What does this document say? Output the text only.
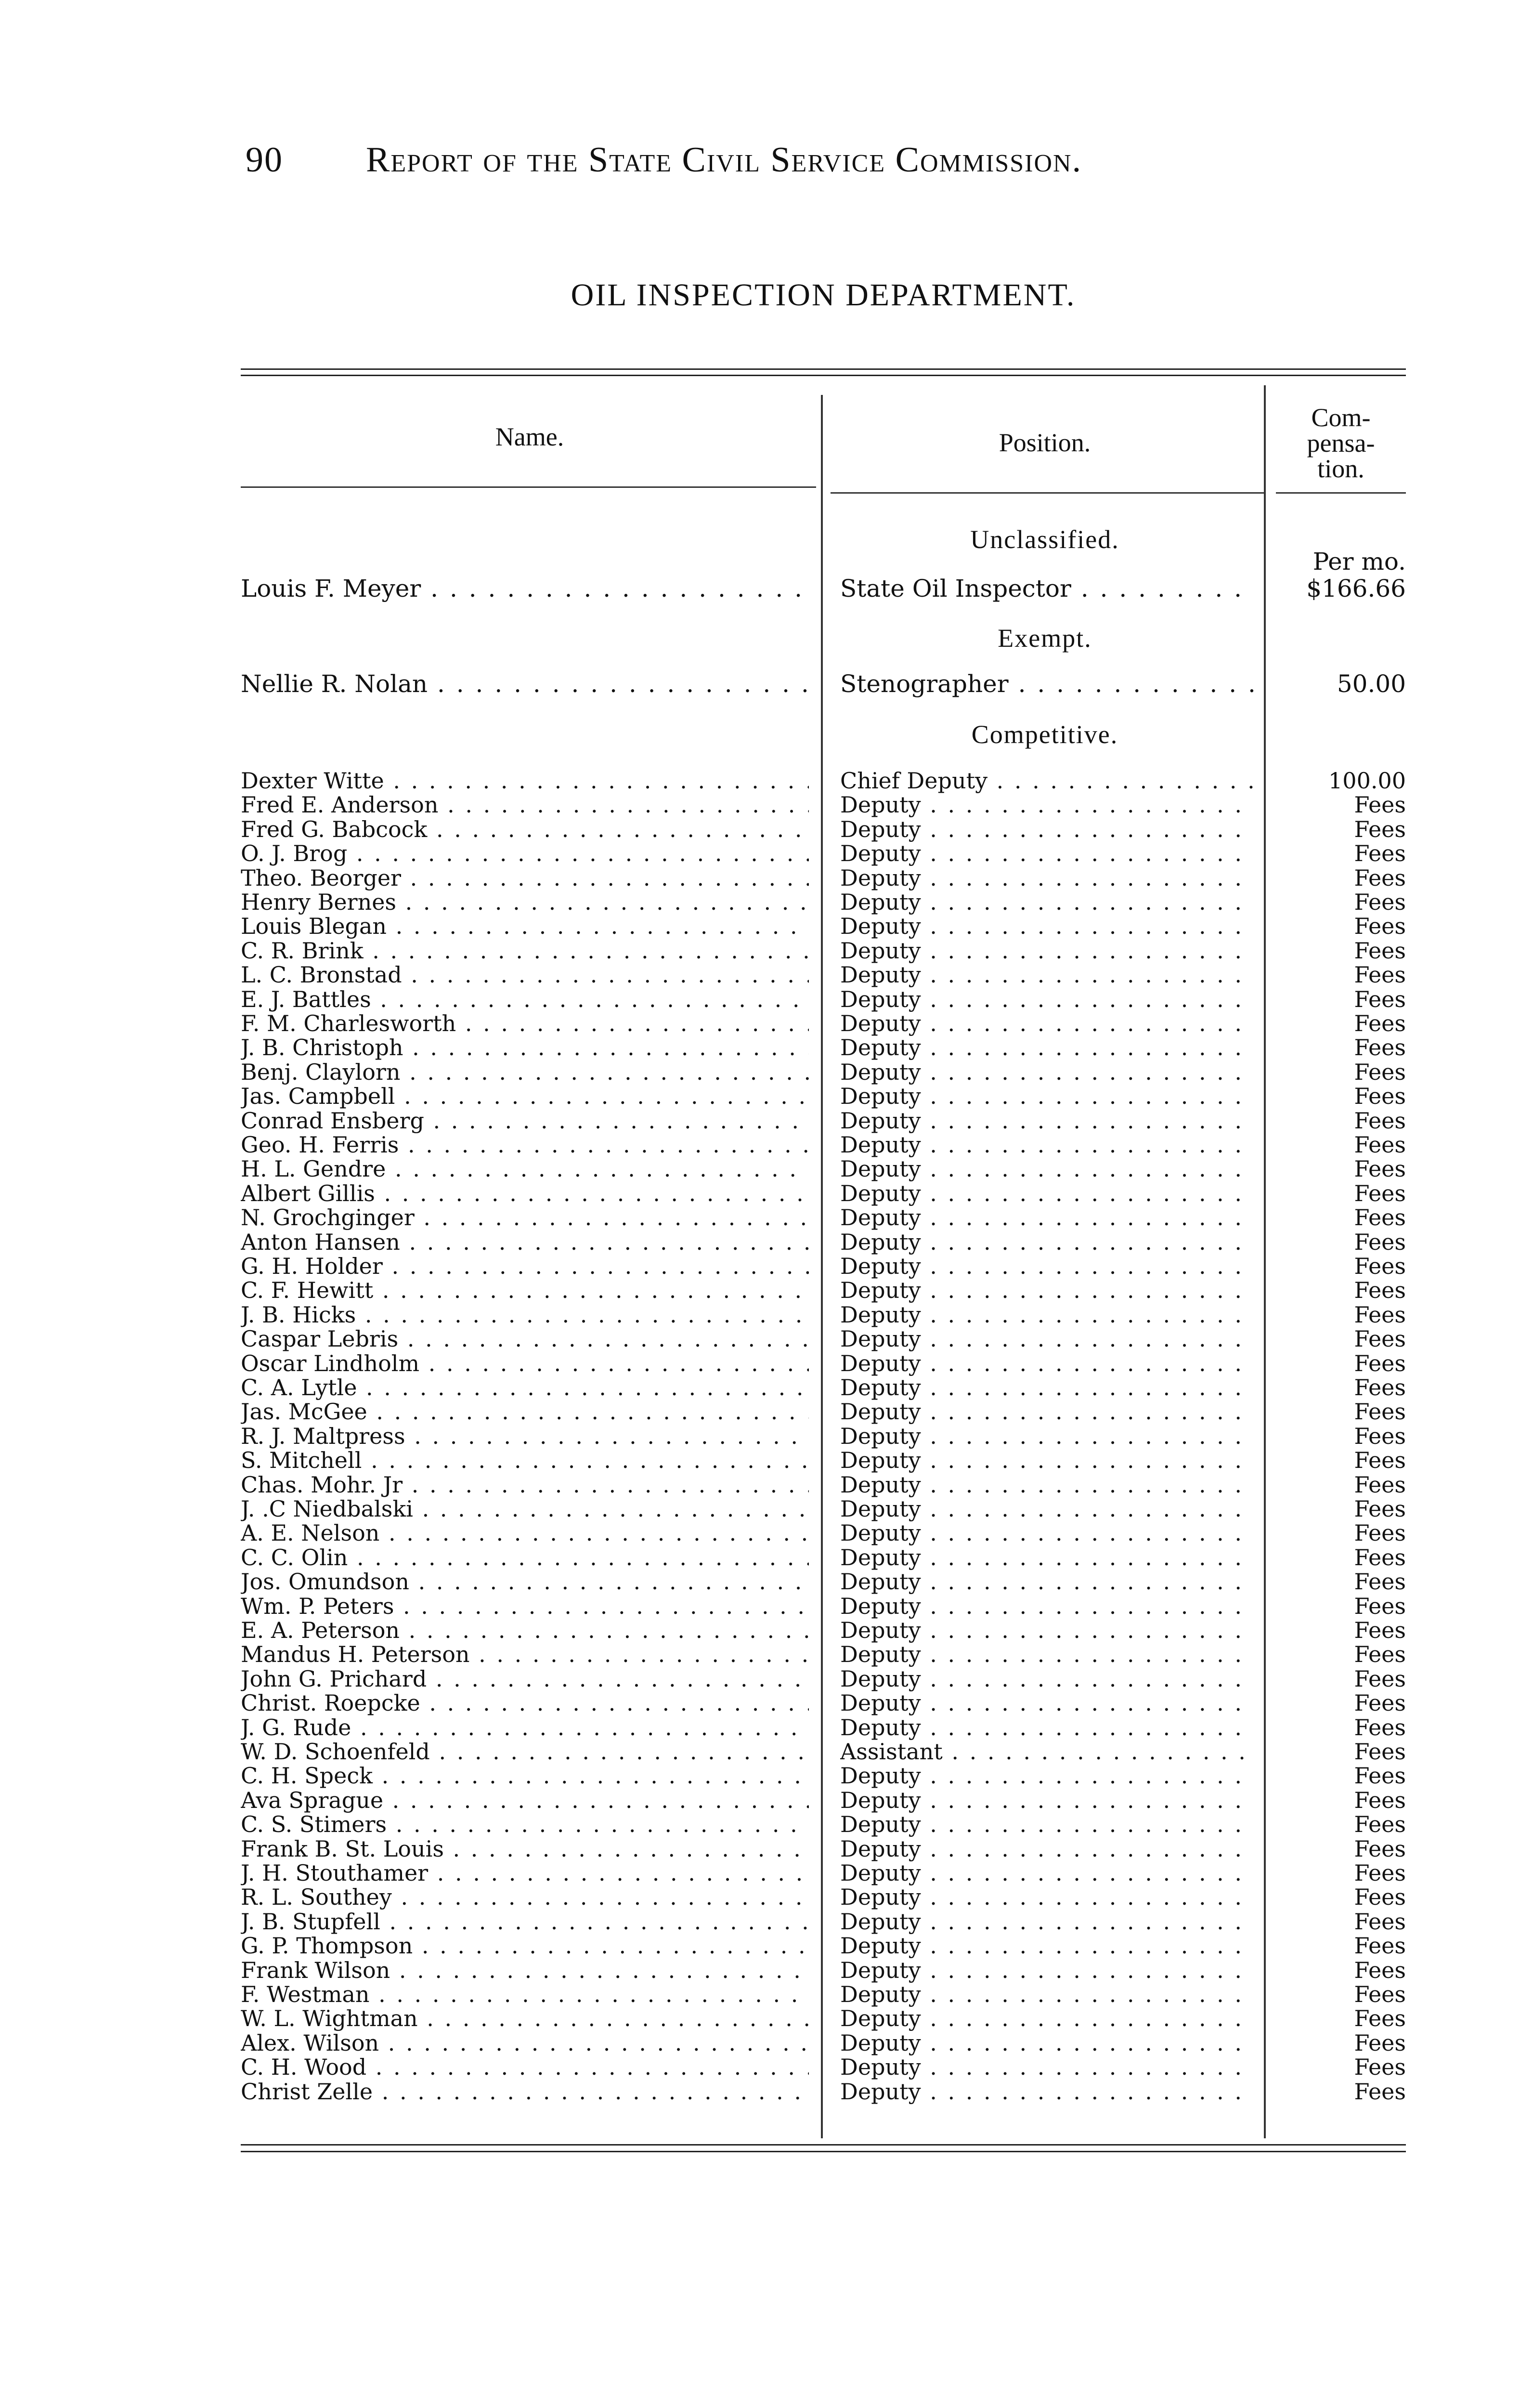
90 Report of the State Civil Service Commission.
OIL INSPECTION DEPARTMENT.
Name.	Position.
Com-
pensa-
tion.
Unclassified.
Per mo.
Louis F. Meyer . . .	State Oil Inspector . . .	$166.66
Exempt.
Nellie R. Nolan . . .	Stenographer . . .	50.00
Competitive.
Dexter Witte . . .	Chief Deputy . . .	100.00
Fred E. Anderson . . .	Deputy . . .	Fees
Fred G. Babcock . . .	Deputy . . .	Fees
O. J. Brog . . .	Deputy . . .	Fees
Theo. Beorger . . .	Deputy . . .	Fees
Henry Bernes . . .	Deputy . . .	Fees
Louis Blegan . . .	Deputy . . .	Fees
C. R. Brink . . .	Deputy . . .	Fees
L. C. Bronstad . . .	Deputy . . .	Fees
E. J. Battles . . .	Deputy . . .	Fees
F. M. Charlesworth . . .	Deputy . . .	Fees
J. B. Christoph . . .	Deputy . . .	Fees
Benj. Claylorn . . .	Deputy . . .	Fees
Jas. Campbell . . .	Deputy . . .	Fees
Conrad Ensberg . . .	Deputy . . .	Fees
Geo. H. Ferris . . .	Deputy . . .	Fees
H. L. Gendre . . .	Deputy . . .	Fees
Albert Gillis . . .	Deputy . . .	Fees
N. Grochginger . . .	Deputy . . .	Fees
Anton Hansen . . .	Deputy . . .	Fees
G. H. Holder . . .	Deputy . . .	Fees
C. F. Hewitt . . .	Deputy . . .	Fees
J. B. Hicks . . .	Deputy . . .	Fees
Caspar Lebris . . .	Deputy . . .	Fees
Oscar Lindholm . . .	Deputy . . .	Fees
C. A. Lytle . . .	Deputy . . .	Fees
Jas. McGee . . .	Deputy . . .	Fees
R. J. Maltpress . . .	Deputy . . .	Fees
S. Mitchell . . .	Deputy . . .	Fees
Chas. Mohr. Jr . . .	Deputy . . .	Fees
J. .C Niedbalski . . .	Deputy . . .	Fees
A. E. Nelson . . .	Deputy . . .	Fees
C. C. Olin . . .	Deputy . . .	Fees
Jos. Omundson . . .	Deputy . . .	Fees
Wm. P. Peters . . .	Deputy . . .	Fees
E. A. Peterson . . .	Deputy . . .	Fees
Mandus H. Peterson . . .	Deputy . . .	Fees
John G. Prichard . . .	Deputy . . .	Fees
Christ. Roepcke . . .	Deputy . . .	Fees
J. G. Rude . . .	Deputy . . .	Fees
W. D. Schoenfeld . . .	Assistant . . .	Fees
C. H. Speck . . .	Deputy . . .	Fees
Ava Sprague . . .	Deputy . . .	Fees
C. S. Stimers . . .	Deputy . . .	Fees
Frank B. St. Louis . . .	Deputy . . .	Fees
J. H. Stouthamer . . .	Deputy . . .	Fees
R. L. Southey . . .	Deputy . . .	Fees
J. B. Stupfell . . .	Deputy . . .	Fees
G. P. Thompson . . .	Deputy . . .	Fees
Frank Wilson . . .	Deputy . . .	Fees
F. Westman . . .	Deputy . . .	Fees
W. L. Wightman . . .	Deputy . . .	Fees
Alex. Wilson . . .	Deputy . . .	Fees
C. H. Wood . . .	Deputy . . .	Fees
Christ Zelle . . .	Deputy . . .	Fees
